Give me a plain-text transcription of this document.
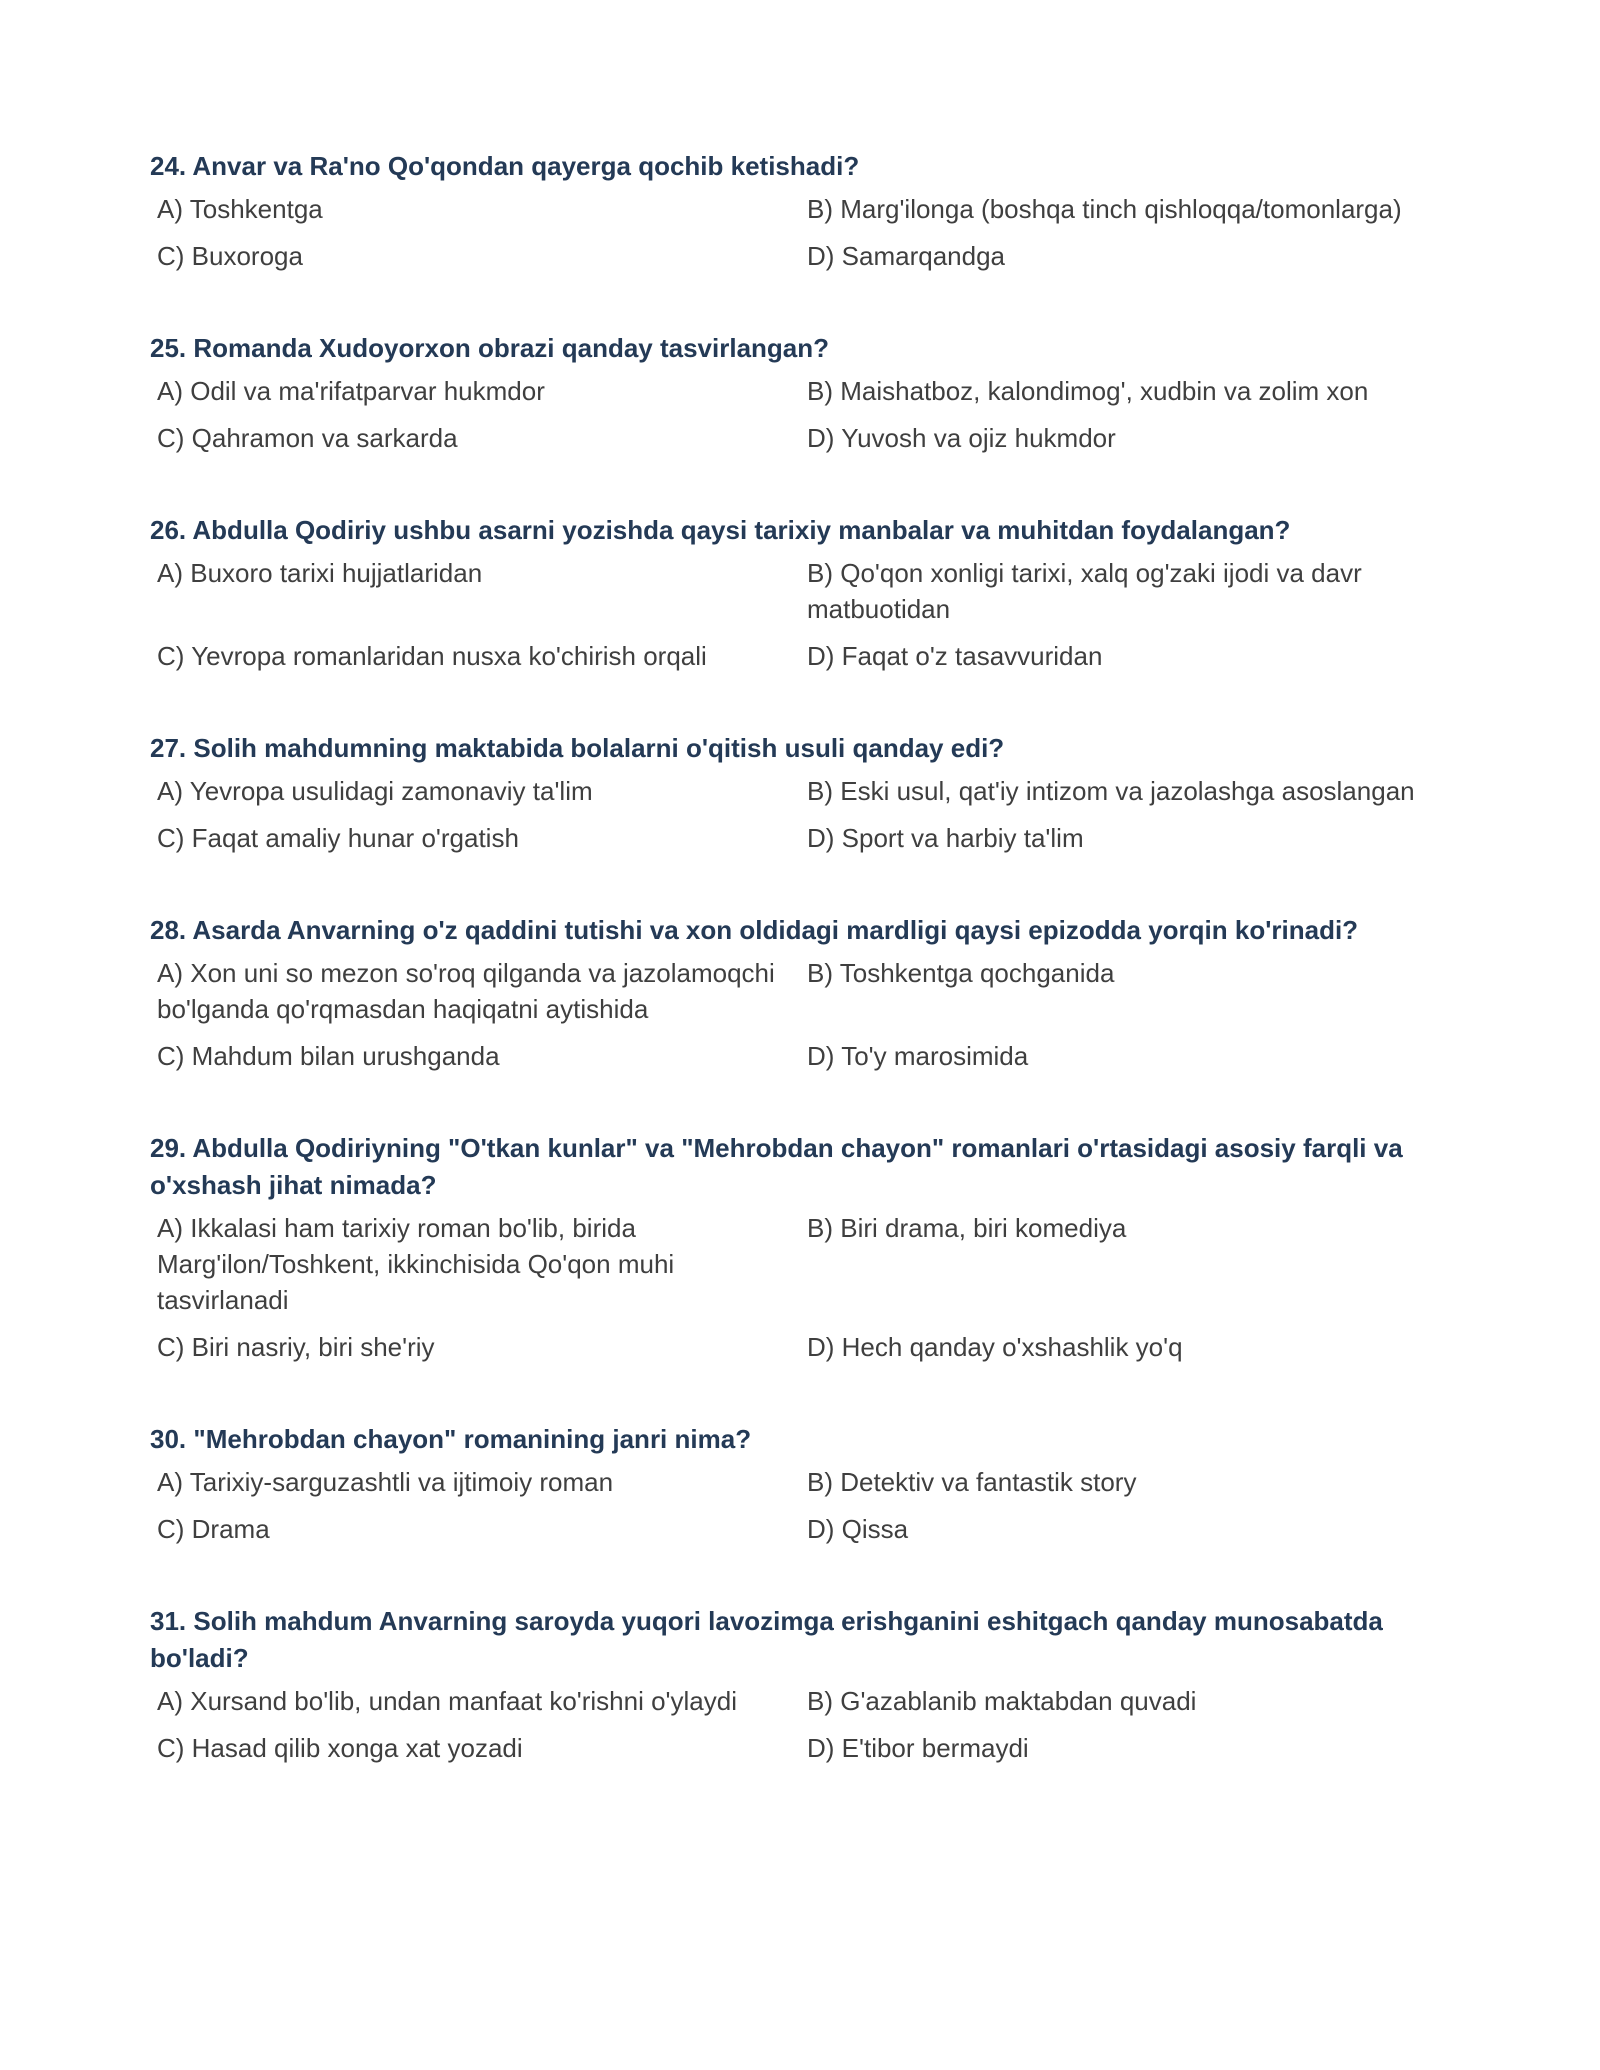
24. Anvar va Ra'no Qo'qondan qayerga qochib ketishadi?
A) Toshkentga	B) Marg'ilonga (boshqa tinch qishloqqa/tomonlarga)
C) Buxoroga	D) Samarqandga
25. Romanda Xudoyorxon obrazi qanday tasvirlangan?
A) Odil va ma'rifatparvar hukmdor	B) Maishatboz, kalondimog', xudbin va zolim xon
C) Qahramon va sarkarda	D) Yuvosh va ojiz hukmdor
26. Abdulla Qodiriy ushbu asarni yozishda qaysi tarixiy manbalar va muhitdan foydalangan?
A) Buxoro tarixi hujjatlaridan	B) Qo'qon xonligi tarixi, xalq og'zaki ijodi va davr matbuotidan
C) Yevropa romanlaridan nusxa ko'chirish orqali	D) Faqat o'z tasavvuridan
27. Solih mahdumning maktabida bolalarni o'qitish usuli qanday edi?
A) Yevropa usulidagi zamonaviy ta'lim	B) Eski usul, qat'iy intizom va jazolashga asoslangan
C) Faqat amaliy hunar o'rgatish	D) Sport va harbiy ta'lim
28. Asarda Anvarning o'z qaddini tutishi va xon oldidagi mardligi qaysi epizodda yorqin ko'rinadi?
A) Xon uni so mezon so'roq qilganda va jazolamoqchi bo'lganda qo'rqmasdan haqiqatni aytishida
B) Toshkentga qochganida
C) Mahdum bilan urushganda	D) To'y marosimida
29. Abdulla Qodiriyning "O'tkan kunlar" va "Mehrobdan chayon" romanlari o'rtasidagi asosiy farqli va o'xshash jihat nimada?
A) Ikkalasi ham tarixiy roman bo'lib, birida Marg'ilon/Toshkent, ikkinchisida Qo'qon muhi tasvirlanadi
B) Biri drama, biri komediya
C) Biri nasriy, biri she'riy	D) Hech qanday o'xshashlik yo'q
30. "Mehrobdan chayon" romanining janri nima?
A) Tarixiy-sarguzashtli va ijtimoiy roman	B) Detektiv va fantastik story
C) Drama	D) Qissa
31. Solih mahdum Anvarning saroyda yuqori lavozimga erishganini eshitgach qanday munosabatda bo'ladi?
A) Xursand bo'lib, undan manfaat ko'rishni o'ylaydi	B) G'azablanib maktabdan quvadi
C) Hasad qilib xonga xat yozadi	D) E'tibor bermaydi
